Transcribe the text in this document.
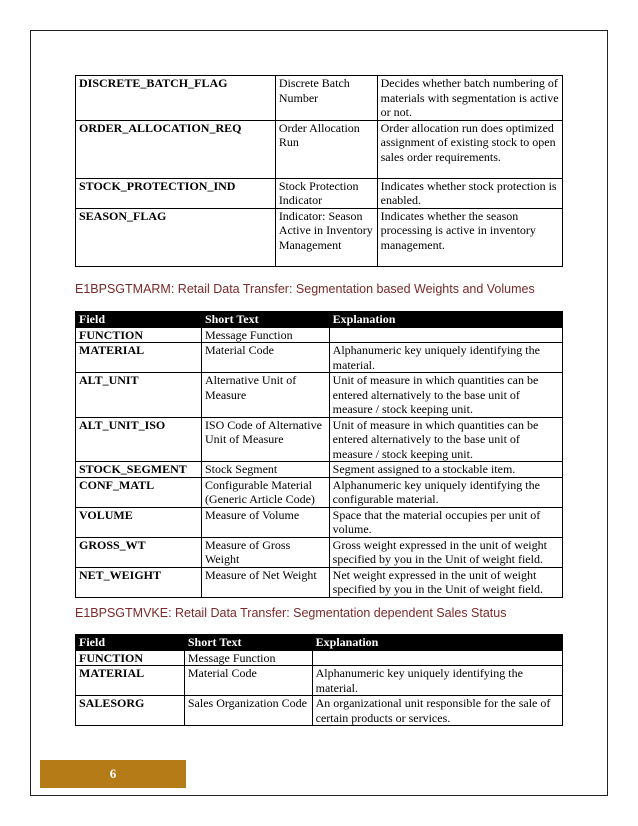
DISCRETE_BATCH_FLAG	Discrete Batch Number	Decides whether batch numbering of materials with segmentation is active or not.
ORDER_ALLOCATION_REQ	Order Allocation Run	Order allocation run does optimized assignment of existing stock to open sales order requirements.
STOCK_PROTECTION_IND	Stock Protection Indicator	Indicates whether stock protection is enabled.
SEASON_FLAG	Indicator: Season Active in Inventory Management	Indicates whether the season processing is active in inventory management.
E1BPSGTMARM: Retail Data Transfer: Segmentation based Weights and Volumes
Field	Short Text	Explanation
FUNCTION	Message Function	
MATERIAL	Material Code	Alphanumeric key uniquely identifying the material.
ALT_UNIT	Alternative Unit of Measure	Unit of measure in which quantities can be entered alternatively to the base unit of measure / stock keeping unit.
ALT_UNIT_ISO	ISO Code of Alternative Unit of Measure	Unit of measure in which quantities can be entered alternatively to the base unit of measure / stock keeping unit.
STOCK_SEGMENT	Stock Segment	Segment assigned to a stockable item.
CONF_MATL	Configurable Material (Generic Article Code)	Alphanumeric key uniquely identifying the configurable material.
VOLUME	Measure of Volume	Space that the material occupies per unit of volume.
GROSS_WT	Measure of Gross Weight	Gross weight expressed in the unit of weight specified by you in the Unit of weight field.
NET_WEIGHT	Measure of Net Weight	Net weight expressed in the unit of weight specified by you in the Unit of weight field.
E1BPSGTMVKE: Retail Data Transfer: Segmentation dependent Sales Status
Field	Short Text	Explanation
FUNCTION	Message Function	
MATERIAL	Material Code	Alphanumeric key uniquely identifying the material.
SALESORG	Sales Organization Code	An organizational unit responsible for the sale of certain products or services.
6
